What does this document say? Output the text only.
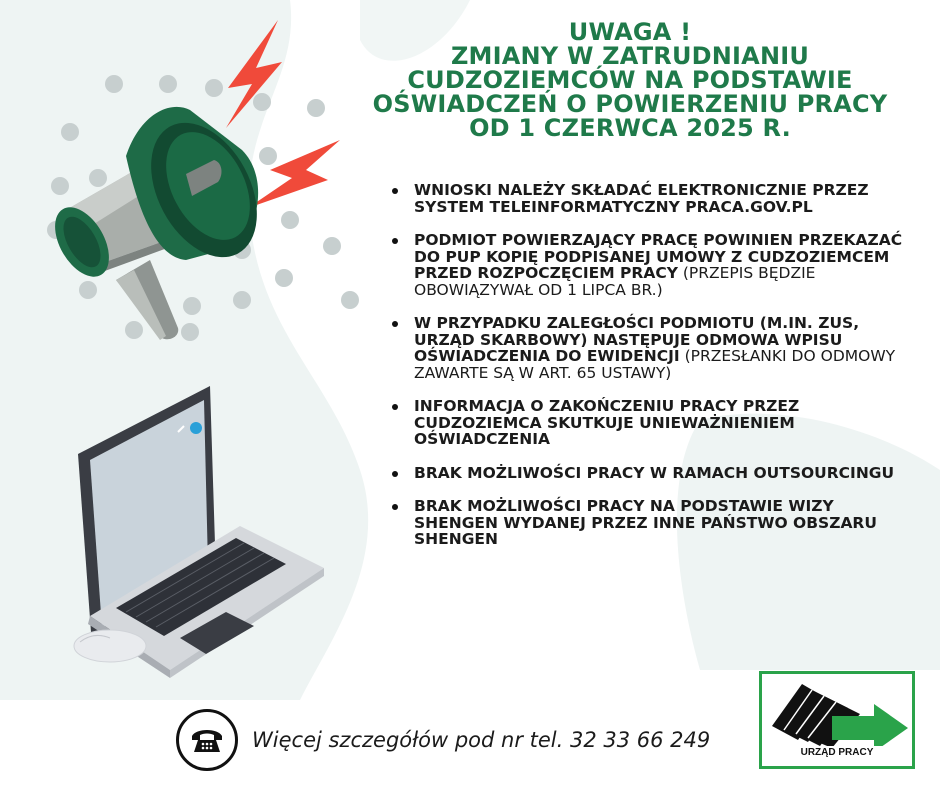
UWAGA !
ZMIANY W ZATRUDNIANIU
CUDZOZIEMCÓW NA PODSTAWIE
OŚWIADCZEŃ O POWIERZENIU PRACY
OD 1 CZERWCA 2025 R.
WNIOSKI NALEŻY SKŁADAĆ ELEKTRONICZNIE PRZEZ SYSTEM TELEINFORMATYCZNY PRACA.GOV.PL
PODMIOT POWIERZAJĄCY PRACĘ POWINIEN PRZEKAZAĆ DO PUP KOPIĘ PODPISANEJ UMOWY Z CUDZOZIEMCEM PRZED ROZPOCZĘCIEM PRACY (PRZEPIS BĘDZIE OBOWIĄZYWAŁ OD 1 LIPCA BR.)
W PRZYPADKU ZALEGŁOŚCI PODMIOTU (M.IN. ZUS, URZĄD SKARBOWY) NASTĘPUJE ODMOWA WPISU OŚWIADCZENIA DO EWIDENCJI (PRZESŁANKI DO ODMOWY ZAWARTE SĄ W ART. 65 USTAWY)
INFORMACJA O ZAKOŃCZENIU PRACY PRZEZ CUDZOZIEMCA SKUTKUJE UNIEWAŻNIENIEM OŚWIADCZENIA
BRAK MOŻLIWOŚCI PRACY W RAMACH OUTSOURCINGU
BRAK MOŻLIWOŚCI PRACY NA PODSTAWIE WIZY SHENGEN WYDANEJ PRZEZ INNE PAŃSTWO OBSZARU SHENGEN
Więcej szczegółów pod nr tel. 32 33 66 249
URZĄD PRACY
